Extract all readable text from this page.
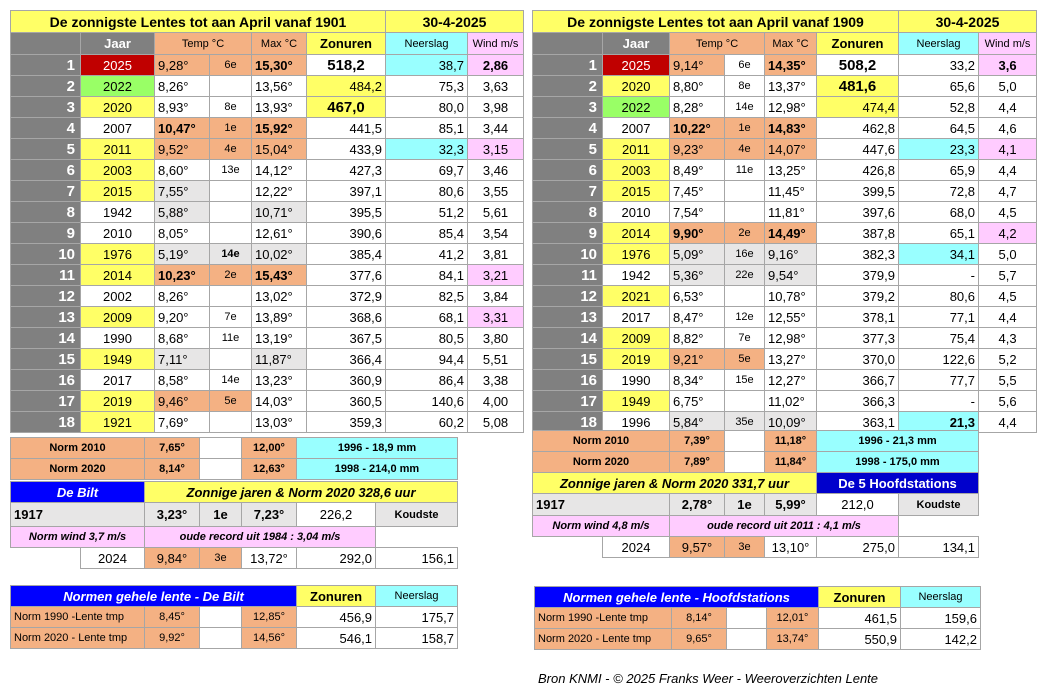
De zonnigste Lentes tot aan April vanaf 1901						30-4-2025	
	Jaar	Temp °C		Max °C	Zonuren	Neerslag	Wind m/s
1	2025	9,28°	6e	15,30°	518,2	38,7	2,86
2	2022	8,26°		13,56°	484,2	75,3	3,63
3	2020	8,93°	8e	13,93°	467,0	80,0	3,98
4	2007	10,47°	1e	15,92°	441,5	85,1	3,44
5	2011	9,52°	4e	15,04°	433,9	32,3	3,15
6	2003	8,60°	13e	14,12°	427,3	69,7	3,46
7	2015	7,55°		12,22°	397,1	80,6	3,55
8	1942	5,88°		10,71°	395,5	51,2	5,61
9	2010	8,05°		12,61°	390,6	85,4	3,54
10	1976	5,19°	14e	10,02°	385,4	41,2	3,81
11	2014	10,23°	2e	15,43°	377,6	84,1	3,21
12	2002	8,26°		13,02°	372,9	82,5	3,84
13	2009	9,20°	7e	13,89°	368,6	68,1	3,31
14	1990	8,68°	11e	13,19°	367,5	80,5	3,80
15	1949	7,11°		11,87°	366,4	94,4	5,51
16	2017	8,58°	14e	13,23°	360,9	86,4	3,38
17	2019	9,46°	5e	14,03°	360,5	140,6	4,00
18	1921	7,69°		13,03°	359,3	60,2	5,08
Norm 2010	7,65°		12,00°	1996 - 18,9 mm
Norm 2020	8,14°		12,63°	1998 - 214,0 mm
De Bilt		Zonnige jaren & Norm 2020 328,6 uur				
1917		3,23°	1e	7,23°	226,2	Koudste
Norm wind 3,7 m/s		oude record uit 1984 : 3,04 m/s				
	2024	9,84°	3e	13,72°	292,0	156,1
Normen gehele lente - De Bilt				Zonuren	Neerslag
Norm 1990 -Lente tmp	8,45°		12,85°	456,9	175,7
Norm 2020 - Lente tmp	9,92°		14,56°	546,1	158,7
De zonnigste Lentes tot aan April vanaf 1909						30-4-2025	
	Jaar	Temp °C		Max °C	Zonuren	Neerslag	Wind m/s
1	2025	9,14°	6e	14,35°	508,2	33,2	3,6
2	2020	8,80°	8e	13,37°	481,6	65,6	5,0
3	2022	8,28°	14e	12,98°	474,4	52,8	4,4
4	2007	10,22°	1e	14,83°	462,8	64,5	4,6
5	2011	9,23°	4e	14,07°	447,6	23,3	4,1
6	2003	8,49°	11e	13,25°	426,8	65,9	4,4
7	2015	7,45°		11,45°	399,5	72,8	4,7
8	2010	7,54°		11,81°	397,6	68,0	4,5
9	2014	9,90°	2e	14,49°	387,8	65,1	4,2
10	1976	5,09°	16e	9,16°	382,3	34,1	5,0
11	1942	5,36°	22e	9,54°	379,9	-	5,7
12	2021	6,53°		10,78°	379,2	80,6	4,5
13	2017	8,47°	12e	12,55°	378,1	77,1	4,4
14	2009	8,82°	7e	12,98°	377,3	75,4	4,3
15	2019	9,21°	5e	13,27°	370,0	122,6	5,2
16	1990	8,34°	15e	12,27°	366,7	77,7	5,5
17	1949	6,75°		11,02°	366,3	-	5,6
18	1996	5,84°	35e	10,09°	363,1	21,3	4,4
Norm 2010	7,39°		11,18°	1996 - 21,3 mm
Norm 2020	7,89°		11,84°	1998 - 175,0 mm
Zonnige jaren & Norm 2020 331,7 uur					De 5 Hoofdstations	
1917		2,78°	1e	5,99°	212,0	Koudste
Norm wind 4,8 m/s		oude record uit 2011 : 4,1 m/s				
	2024	9,57°	3e	13,10°	275,0	134,1
Normen gehele lente - Hoofdstations				Zonuren	Neerslag
Norm 1990 -Lente tmp	8,14°		12,01°	461,5	159,6
Norm 2020 - Lente tmp	9,65°		13,74°	550,9	142,2
Bron KNMI - © 2025 Franks Weer - Weeroverzichten Lente
